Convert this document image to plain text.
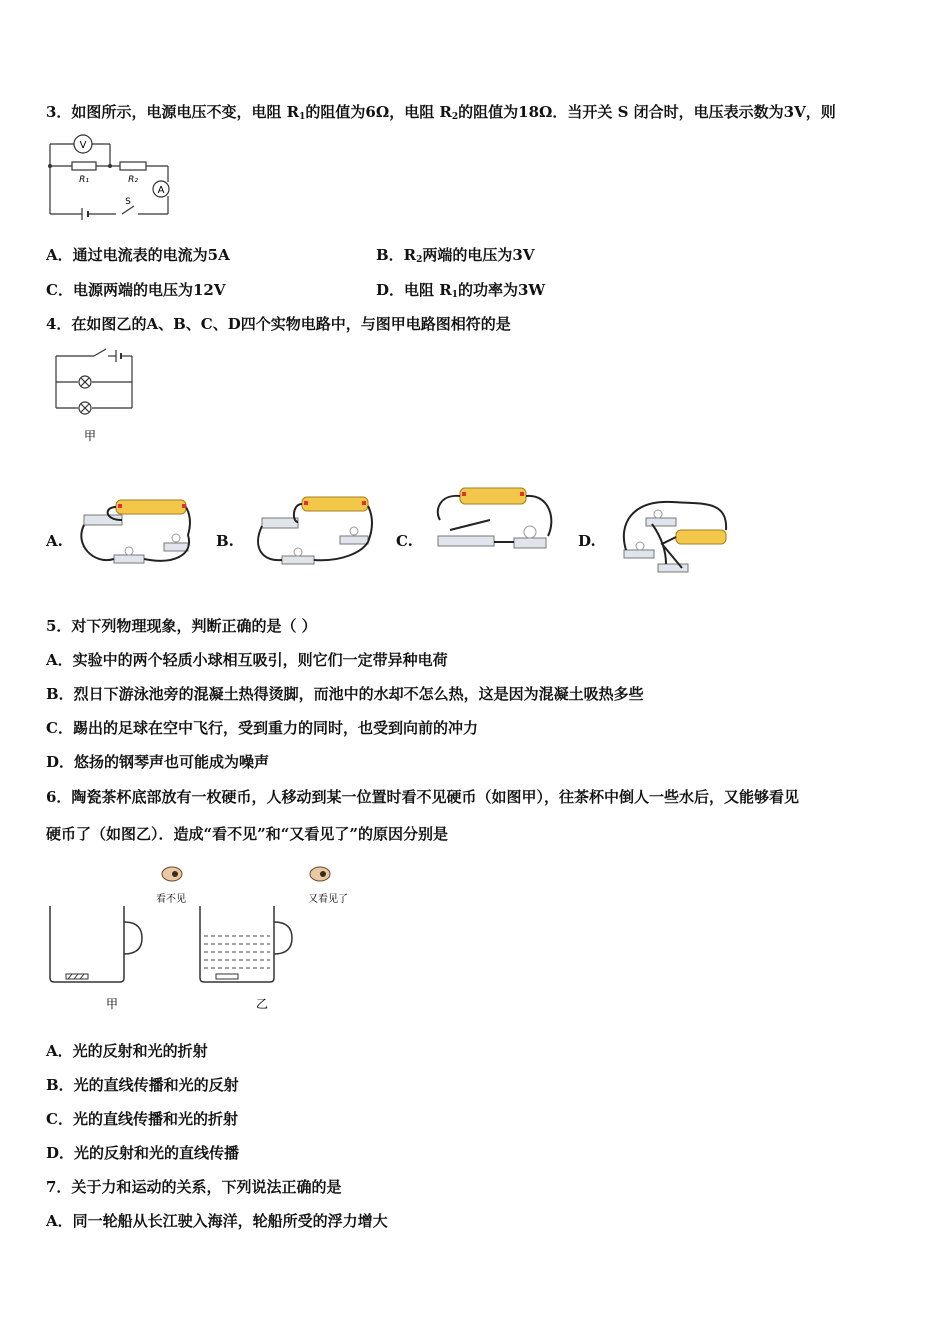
3．如图所示，电源电压不变，电阻 $R_1$的阻值为6Ω，电阻 $R_2$的阻值为18Ω．当开关 S 闭合时，电压表示数为3V，则
V
A
R₁	R₂
S
A．通过电流表的电流为5A	B．$R_2$两端的电压为3V
C．电源两端的电压为12V	D．电阻 $R_1$的功率为3W
4．在如图乙的A、B、C、D四个实物电路中，与图甲电路图相符的是
甲
A.	B.	C.	D.
5．对下列物理现象，判断正确的是（ ）
A．实验中的两个轻质小球相互吸引，则它们一定带异种电荷
B．烈日下游泳池旁的混凝土热得烫脚，而池中的水却不怎么热，这是因为混凝土吸热多些
C．踢出的足球在空中飞行，受到重力的同时，也受到向前的冲力
D．悠扬的钢琴声也可能成为噪声
6．陶瓷茶杯底部放有一枚硬币，人移动到某一位置时看不见硬币（如图甲），往茶杯中倒人一些水后，又能够看见
硬币了（如图乙）．造成“看不见”和“又看见了”的原因分别是
看不见	又看见了
甲	乙
A．光的反射和光的折射
B．光的直线传播和光的反射
C．光的直线传播和光的折射
D．光的反射和光的直线传播
7．关于力和运动的关系，下列说法正确的是
A．同一轮船从长江驶入海洋，轮船所受的浮力增大
